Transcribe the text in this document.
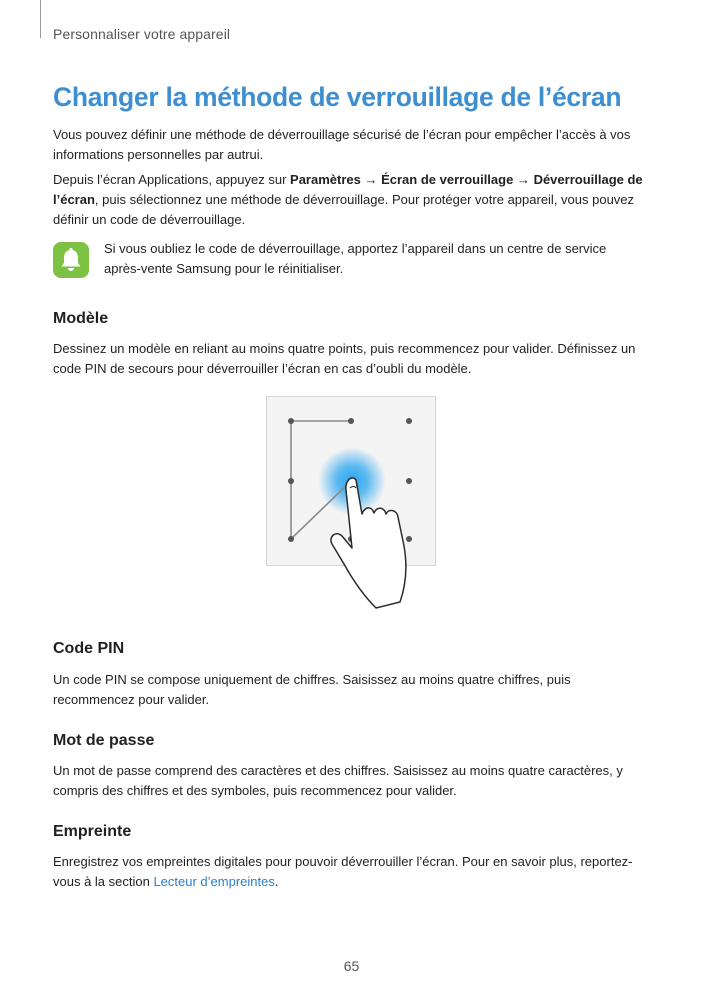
Personnaliser votre appareil
Changer la méthode de verrouillage de l’écran

Vous pouvez définir une méthode de déverrouillage sécurisé de l’écran pour empêcher l’accès à vos informations personnelles par autrui.

Depuis l’écran Applications, appuyez sur Paramètres → Écran de verrouillage → Déverrouillage de l’écran, puis sélectionnez une méthode de déverrouillage. Pour protéger votre appareil, vous pouvez définir un code de déverrouillage.

Si vous oubliez le code de déverrouillage, apportez l’appareil dans un centre de service après-vente Samsung pour le réinitialiser.

Modèle

Dessinez un modèle en reliant au moins quatre points, puis recommencez pour valider. Définissez un code PIN de secours pour déverrouiller l’écran en cas d’oubli du modèle.

Code PIN

Un code PIN se compose uniquement de chiffres. Saisissez au moins quatre chiffres, puis recommencez pour valider.

Mot de passe

Un mot de passe comprend des caractères et des chiffres. Saisissez au moins quatre caractères, y compris des chiffres et des symboles, puis recommencez pour valider.

Empreinte

Enregistrez vos empreintes digitales pour pouvoir déverrouiller l’écran. Pour en savoir plus, reportez-vous à la section Lecteur d’empreintes.

65
